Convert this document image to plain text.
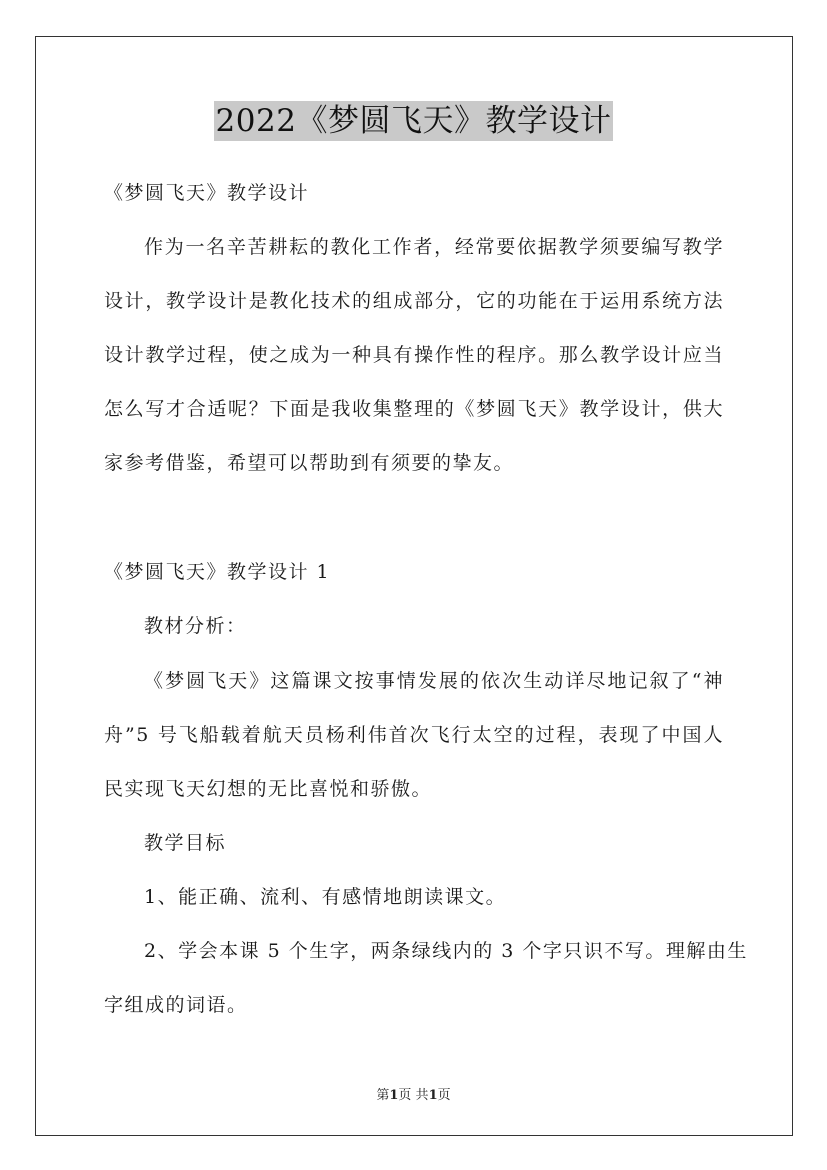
2022《梦圆飞天》教学设计
《梦圆飞天》教学设计
作为一名辛苦耕耘的教化工作者，经常要依据教学须要编写教学
设计，教学设计是教化技术的组成部分，它的功能在于运用系统方法
设计教学过程，使之成为一种具有操作性的程序。那么教学设计应当
怎么写才合适呢？下面是我收集整理的《梦圆飞天》教学设计，供大
家参考借鉴，希望可以帮助到有须要的挚友。
《梦圆飞天》教学设计 1
教材分析：
《梦圆飞天》这篇课文按事情发展的依次生动详尽地记叙了“神
舟”5 号飞船载着航天员杨利伟首次飞行太空的过程，表现了中国人
民实现飞天幻想的无比喜悦和骄傲。
教学目标
1、能正确、流利、有感情地朗读课文。
2、学会本课 5 个生字，两条绿线内的 3 个字只识不写。理解由生
字组成的词语。
第1页 共1页
